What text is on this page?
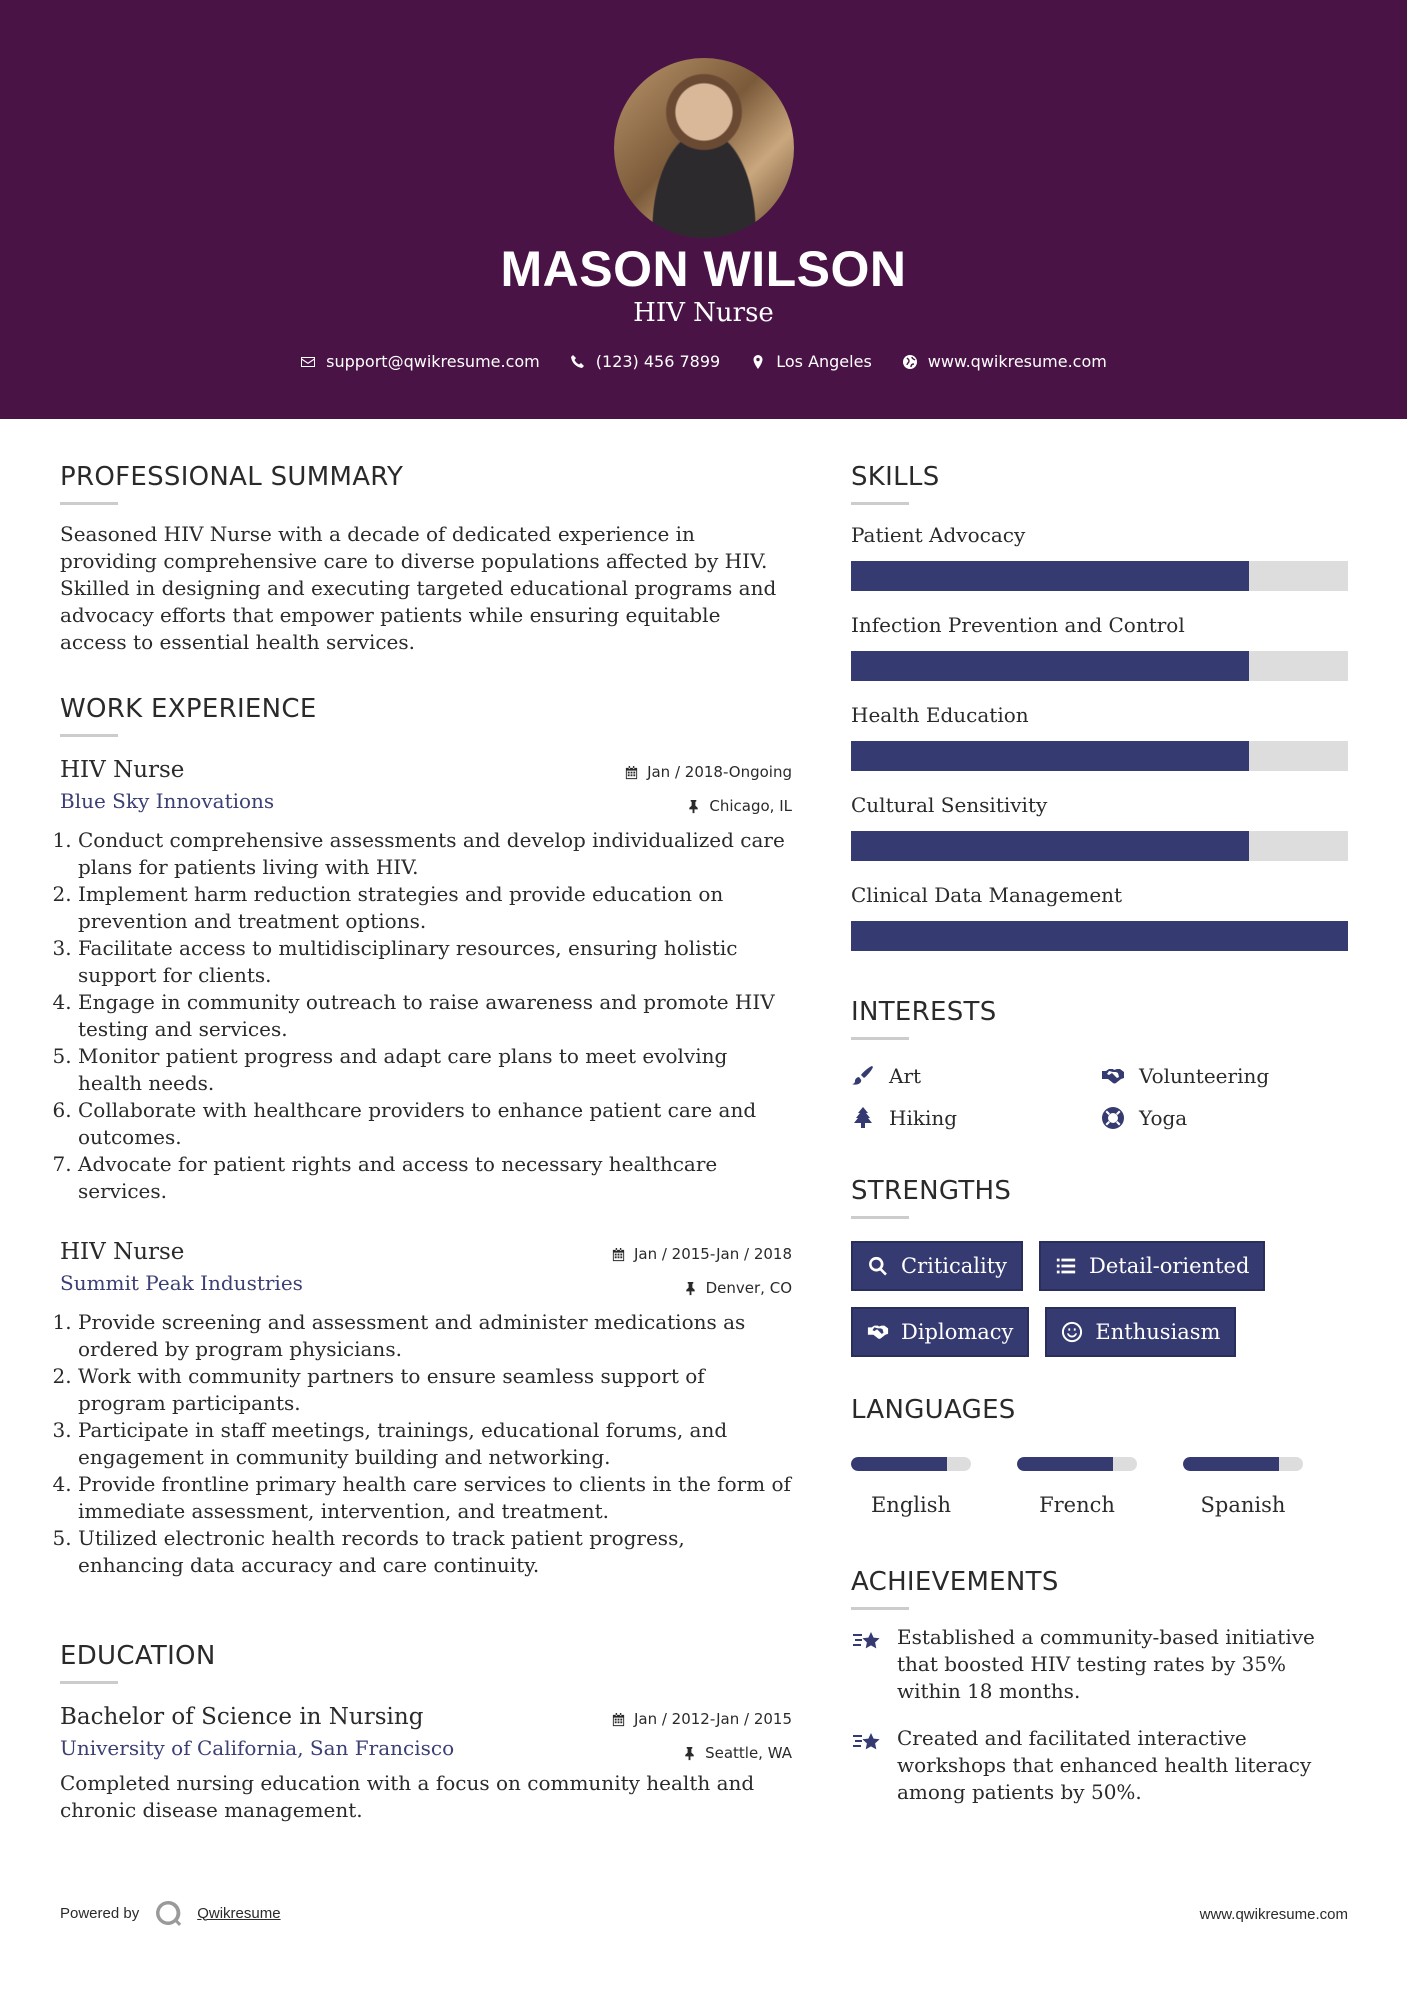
MASON WILSON
HIV Nurse
support@qwikresume.com	(123) 456 7899	Los Angeles	www.qwikresume.com
PROFESSIONAL SUMMARY

Seasoned HIV Nurse with a decade of dedicated experience in providing comprehensive care to diverse populations affected by HIV. Skilled in designing and executing targeted educational programs and advocacy efforts that empower patients while ensuring equitable access to essential health services.

WORK EXPERIENCE
HIV Nurse	Jan / 2018-Ongoing
Blue Sky Innovations	Chicago, IL
1. Conduct comprehensive assessments and develop individualized care plans for patients living with HIV.
2. Implement harm reduction strategies and provide education on prevention and treatment options.
3. Facilitate access to multidisciplinary resources, ensuring holistic support for clients.
4. Engage in community outreach to raise awareness and promote HIV testing and services.
5. Monitor patient progress and adapt care plans to meet evolving health needs.
6. Collaborate with healthcare providers to enhance patient care and outcomes.
7. Advocate for patient rights and access to necessary healthcare services.
HIV Nurse	Jan / 2015-Jan / 2018
Summit Peak Industries	Denver, CO
1. Provide screening and assessment and administer medications as ordered by program physicians.
2. Work with community partners to ensure seamless support of program participants.
3. Participate in staff meetings, trainings, educational forums, and engagement in community building and networking.
4. Provide frontline primary health care services to clients in the form of immediate assessment, intervention, and treatment.
5. Utilized electronic health records to track patient progress, enhancing data accuracy and care continuity.
EDUCATION
Bachelor of Science in Nursing	Jan / 2012-Jan / 2015
University of California, San Francisco	Seattle, WA

Completed nursing education with a focus on community health and chronic disease management.

SKILLS
Patient Advocacy
Infection Prevention and Control
Health Education
Cultural Sensitivity
Clinical Data Management
INTERESTS
Art	Volunteering
Hiking	Yoga
STRENGTHS
Criticality	Detail-oriented
Diplomacy	Enthusiasm
LANGUAGES
English	French	Spanish
ACHIEVEMENTS
Established a community-based initiative that boosted HIV testing rates by 35% within 18 months.
Created and facilitated interactive workshops that enhanced health literacy among patients by 50%.
Powered by	Qwikresume	www.qwikresume.com
